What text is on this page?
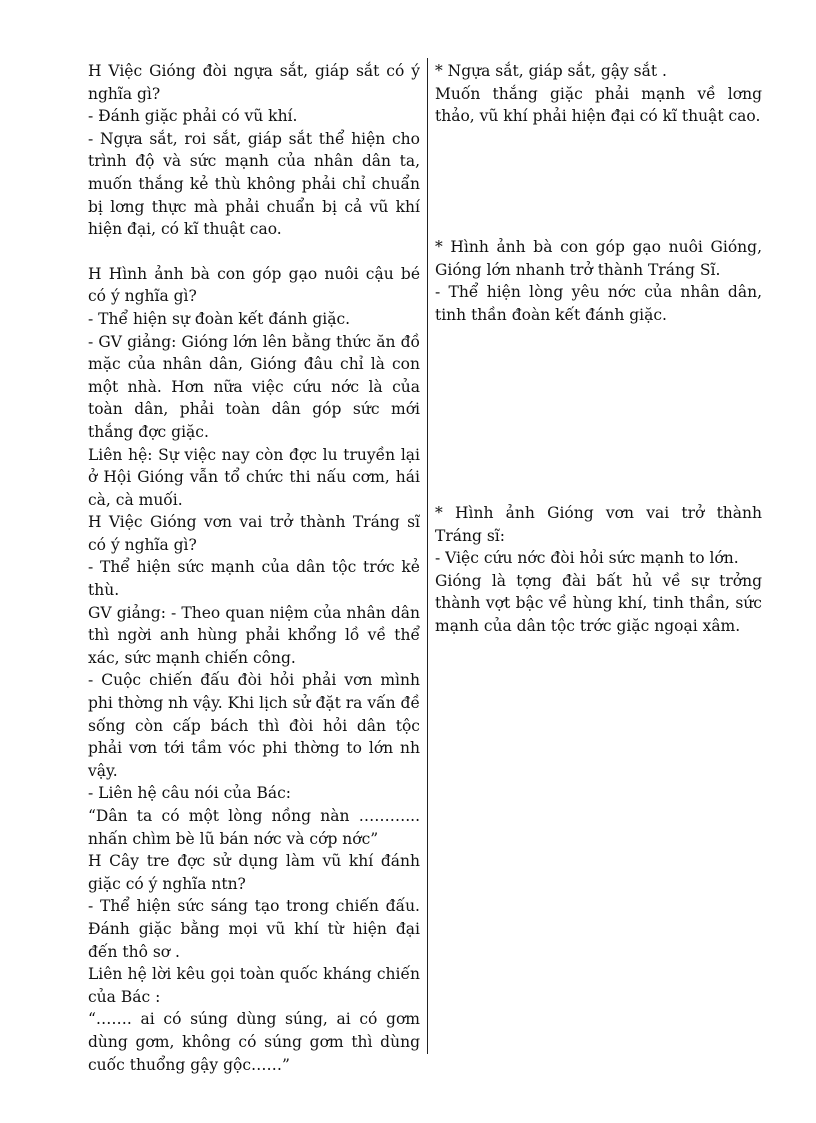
H Việc Gióng đòi ngựa sắt, giáp sắt có ý nghĩa gì?

- Đánh giặc phải có vũ khí.

- Ngựa sắt, roi sắt, giáp sắt thể hiện cho trình độ và sức mạnh của nhân dân ta, muốn thắng kẻ thù không phải chỉ chuẩn bị lơng thực mà phải chuẩn bị cả vũ khí hiện đại, có kĩ thuật cao.

H Hình ảnh bà con góp gạo nuôi cậu bé có ý nghĩa gì?

- Thể hiện sự đoàn kết đánh giặc.

- GV giảng: Gióng lớn lên bằng thức ăn đồ mặc của nhân dân, Gióng đâu chỉ là con một nhà. Hơn nữa việc cứu nớc là của toàn dân, phải toàn dân góp sức mới thắng đợc giặc.

Liên hệ: Sự việc nay còn đợc lu truyền lại ở Hội Gióng vẫn tổ chức thi nấu cơm, hái cà, cà muối.

H Việc Gióng vơn vai trở thành Tráng sĩ có ý nghĩa gì?

- Thể hiện sức mạnh của dân tộc trớc kẻ thù.

GV giảng: - Theo quan niệm của nhân dân thì ngời anh hùng phải khổng lồ về thể xác, sức mạnh chiến công.

- Cuộc chiến đấu đòi hỏi phải vơn mình phi thờng nh vậy. Khi lịch sử đặt ra vấn đề sống còn cấp bách thì đòi hỏi dân tộc phải vơn tới tầm vóc phi thờng to lớn nh vậy.

- Liên hệ câu nói của Bác:

“Dân ta có một lòng nồng nàn ………... nhấn chìm bè lũ bán nớc và cớp nớc”

H Cây tre đợc sử dụng làm vũ khí đánh giặc có ý nghĩa ntn?

- Thể hiện sức sáng tạo trong chiến đấu. Đánh giặc bằng mọi vũ khí từ hiện đại đến thô sơ .

Liên hệ lời kêu gọi toàn quốc kháng chiến của Bác :

“……. ai có súng dùng súng, ai có gơm dùng gơm, không có súng gơm thì dùng cuốc thuổng gậy gộc……”

* Ngựa sắt, giáp sắt, gậy sắt .

Muốn thắng giặc phải mạnh về lơng thảo, vũ khí phải hiện đại có kĩ thuật cao.

* Hình ảnh bà con góp gạo nuôi Gióng, Gióng lớn nhanh trở thành Tráng Sĩ.

- Thể hiện lòng yêu nớc của nhân dân, tinh thần đoàn kết đánh giặc.

* Hình ảnh Gióng vơn vai trở thành Tráng sĩ:

- Việc cứu nớc đòi hỏi sức mạnh to lớn.

Gióng là tợng đài bất hủ về sự trởng thành vợt bậc về hùng khí, tinh thần, sức mạnh của dân tộc trớc giặc ngoại xâm.
